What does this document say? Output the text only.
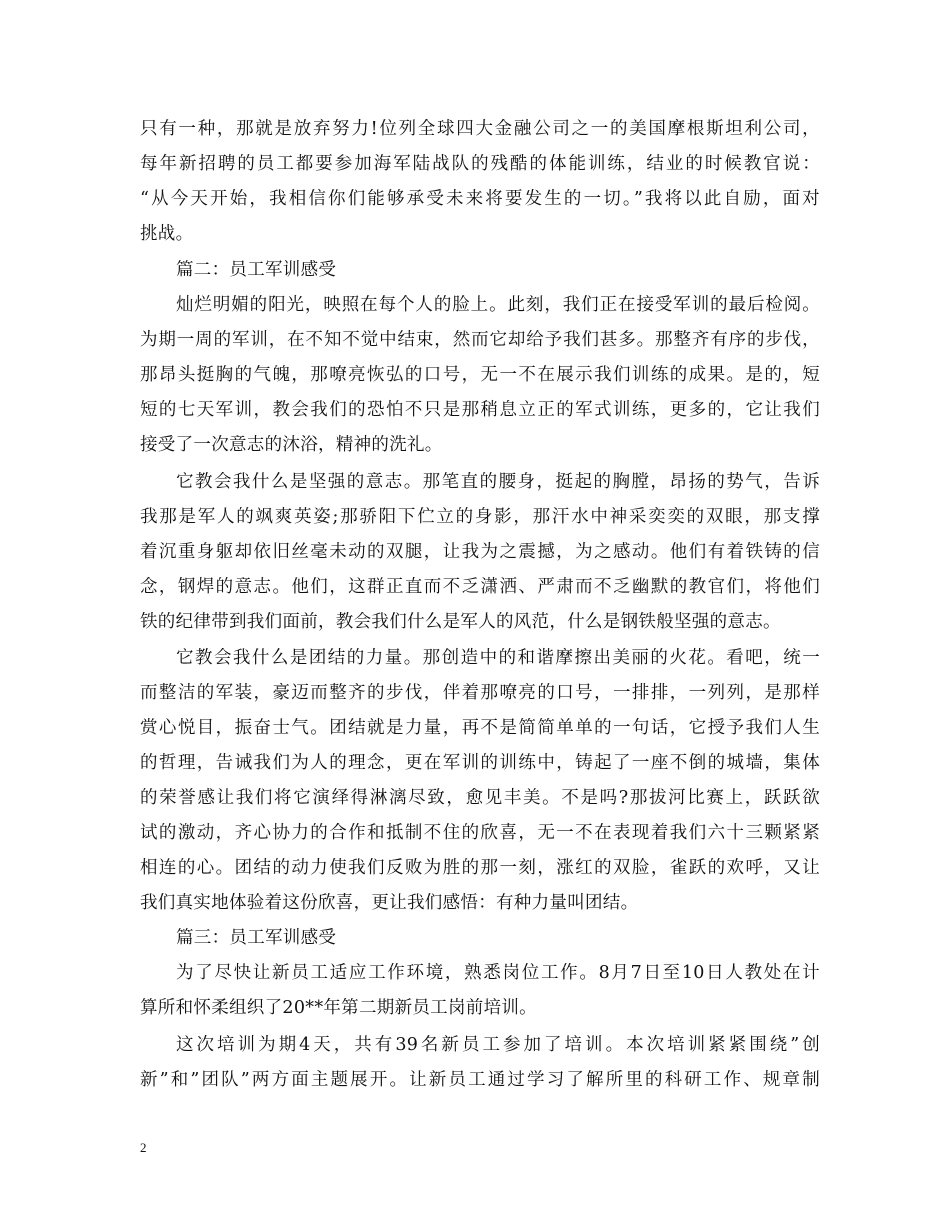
只有一种，那就是放弃努力!位列全球四大金融公司之一的美国摩根斯坦利公司，
每年新招聘的员工都要参加海军陆战队的残酷的体能训练，结业的时候教官说：
“从今天开始，我相信你们能够承受未来将要发生的一切。”我将以此自励，面对
挑战。
篇二：员工军训感受
灿烂明媚的阳光，映照在每个人的脸上。此刻，我们正在接受军训的最后检阅。
为期一周的军训，在不知不觉中结束，然而它却给予我们甚多。那整齐有序的步伐，
那昂头挺胸的气魄，那嘹亮恢弘的口号，无一不在展示我们训练的成果。是的，短
短的七天军训，教会我们的恐怕不只是那稍息立正的军式训练，更多的，它让我们
接受了一次意志的沐浴，精神的洗礼。
它教会我什么是坚强的意志。那笔直的腰身，挺起的胸膛，昂扬的势气，告诉
我那是军人的飒爽英姿;那骄阳下伫立的身影，那汗水中神采奕奕的双眼，那支撑
着沉重身躯却依旧丝毫未动的双腿，让我为之震撼，为之感动。他们有着铁铸的信
念，钢焊的意志。他们，这群正直而不乏潇洒、严肃而不乏幽默的教官们，将他们
铁的纪律带到我们面前，教会我们什么是军人的风范，什么是钢铁般坚强的意志。
它教会我什么是团结的力量。那创造中的和谐摩擦出美丽的火花。看吧，统一
而整洁的军装，豪迈而整齐的步伐，伴着那嘹亮的口号，一排排，一列列，是那样
赏心悦目，振奋士气。团结就是力量，再不是简简单单的一句话，它授予我们人生
的哲理，告诫我们为人的理念，更在军训的训练中，铸起了一座不倒的城墙，集体
的荣誉感让我们将它演绎得淋漓尽致，愈见丰美。不是吗?那拔河比赛上，跃跃欲
试的激动，齐心协力的合作和抵制不住的欣喜，无一不在表现着我们六十三颗紧紧
相连的心。团结的动力使我们反败为胜的那一刻，涨红的双脸，雀跃的欢呼，又让
我们真实地体验着这份欣喜，更让我们感悟：有种力量叫团结。
篇三：员工军训感受
为了尽快让新员工适应工作环境，熟悉岗位工作。8月7日至10日人教处在计
算所和怀柔组织了20**年第二期新员工岗前培训。
这次培训为期4天，共有39名新员工参加了培训。本次培训紧紧围绕”创
新”和”团队”两方面主题展开。让新员工通过学习了解所里的科研工作、规章制
2
